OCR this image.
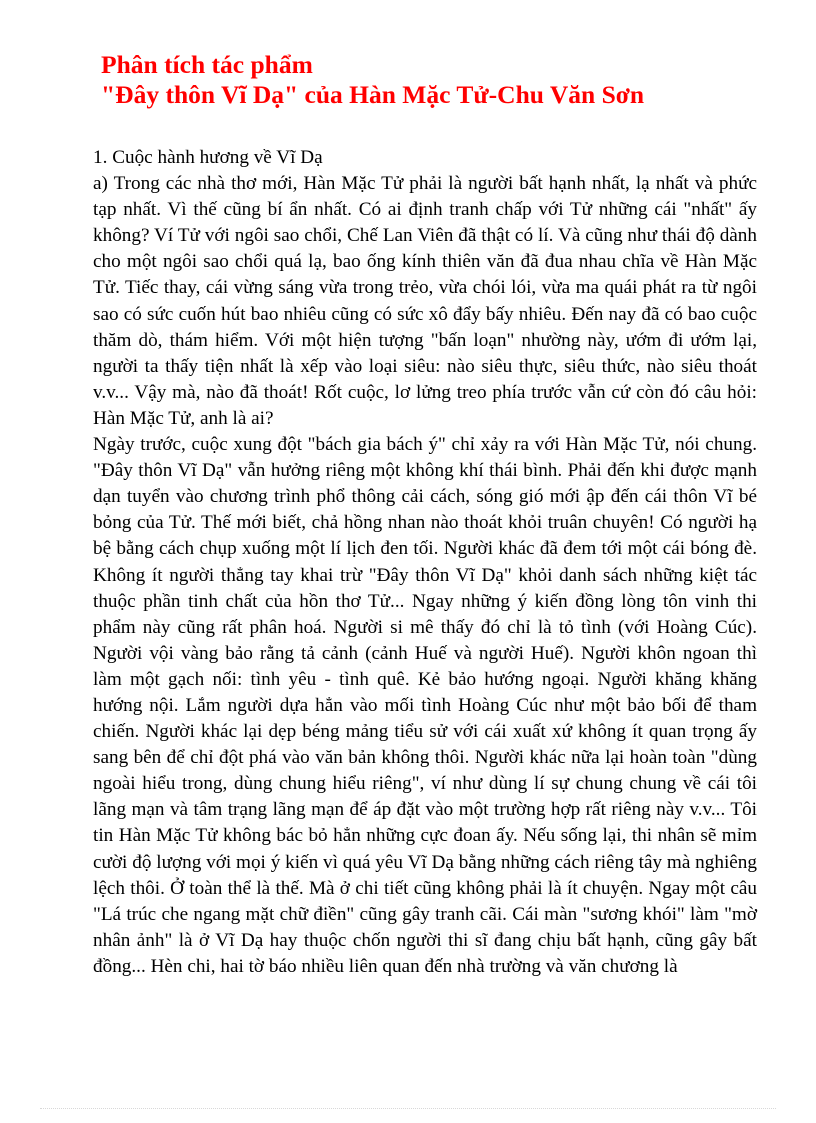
Phân tích tác phẩm
"Đây thôn Vĩ Dạ" của Hàn Mặc Tử-Chu Văn Sơn

1. Cuộc hành hương về Vĩ Dạ

a) Trong các nhà thơ mới, Hàn Mặc Tử phải là người bất hạnh nhất, lạ nhất và phức tạp nhất. Vì thế cũng bí ẩn nhất. Có ai định tranh chấp với Tử những cái "nhất" ấy không? Ví Tử với ngôi sao chổi, Chế Lan Viên đã thật có lí. Và cũng như thái độ dành cho một ngôi sao chổi quá lạ, bao ống kính thiên văn đã đua nhau chĩa về Hàn Mặc Tử. Tiếc thay, cái vừng sáng vừa trong trẻo, vừa chói lói, vừa ma quái phát ra từ ngôi sao có sức cuốn hút bao nhiêu cũng có sức xô đẩy bấy nhiêu. Đến nay đã có bao cuộc thăm dò, thám hiểm. Với một hiện tượng "bấn loạn" nhường này, ướm đi ướm lại, người ta thấy tiện nhất là xếp vào loại siêu: nào siêu thực, siêu thức, nào siêu thoát v.v... Vậy mà, nào đã thoát! Rốt cuộc, lơ lửng treo phía trước vẫn cứ còn đó câu hỏi: Hàn Mặc Tử, anh là ai?

Ngày trước, cuộc xung đột "bách gia bách ý" chỉ xảy ra với Hàn Mặc Tử, nói chung. "Đây thôn Vĩ Dạ" vẫn hưởng riêng một không khí thái bình. Phải đến khi được mạnh dạn tuyển vào chương trình phổ thông cải cách, sóng gió mới ập đến cái thôn Vĩ bé bỏng của Tử. Thế mới biết, chả hồng nhan nào thoát khỏi truân chuyên! Có người hạ bệ bằng cách chụp xuống một lí lịch đen tối. Người khác đã đem tới một cái bóng đè. Không ít người thẳng tay khai trừ "Đây thôn Vĩ Dạ" khỏi danh sách những kiệt tác thuộc phần tinh chất của hồn thơ Tử... Ngay những ý kiến đồng lòng tôn vinh thi phẩm này cũng rất phân hoá. Người si mê thấy đó chỉ là tỏ tình (với Hoàng Cúc). Người vội vàng bảo rằng tả cảnh (cảnh Huế và người Huế). Người khôn ngoan thì làm một gạch nối: tình yêu - tình quê. Kẻ bảo hướng ngoại. Người khăng khăng hướng nội. Lắm người dựa hẳn vào mối tình Hoàng Cúc như một bảo bối để tham chiến. Người khác lại dẹp béng mảng tiểu sử với cái xuất xứ không ít quan trọng ấy sang bên để chỉ đột phá vào văn bản không thôi. Người khác nữa lại hoàn toàn "dùng ngoài hiểu trong, dùng chung hiểu riêng", ví như dùng lí sự chung chung về cái tôi lãng mạn và tâm trạng lãng mạn để áp đặt vào một trường hợp rất riêng này v.v... Tôi tin Hàn Mặc Tử không bác bỏ hẳn những cực đoan ấy. Nếu sống lại, thi nhân sẽ mỉm cười độ lượng với mọi ý kiến vì quá yêu Vĩ Dạ bằng những cách riêng tây mà nghiêng lệch thôi. Ở toàn thể là thế. Mà ở chi tiết cũng không phải là ít chuyện. Ngay một câu "Lá trúc che ngang mặt chữ điền" cũng gây tranh cãi. Cái màn "sương khói" làm "mờ nhân ảnh" là ở Vĩ Dạ hay thuộc chốn người thi sĩ đang chịu bất hạnh, cũng gây bất đồng... Hèn chi, hai tờ báo nhiều liên quan đến nhà trường và văn chương là
